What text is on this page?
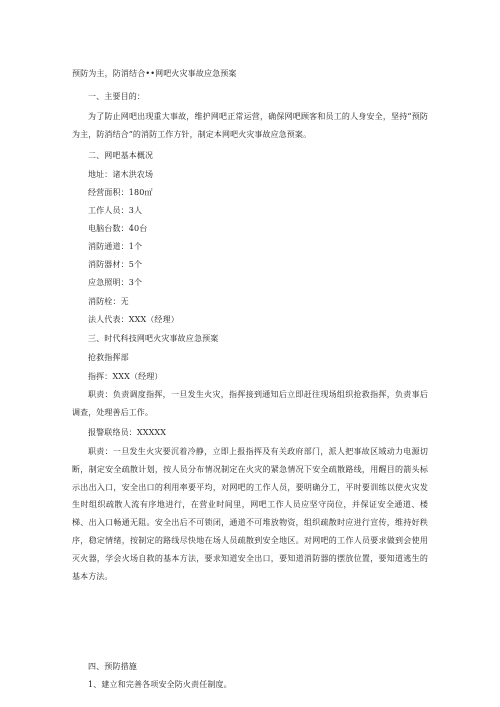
预防为主，防消结合••网吧火灾事故应急预案
一、主要目的：
为了防止网吧出现重大事故，维护网吧正常运营，确保网吧顾客和员工的人身安全，坚持“预防为主，防消结合”的消防工作方针，制定本网吧火灾事故应急预案。
二、网吧基本概况
地址：诸木洪农场
经营面积：180㎡
工作人员：3人
电脑台数：40台
消防通道：1个
消防器材：5个
应急照明：3个
消防栓：无
法人代表：XXX（经理）
三、时代科技网吧火灾事故应急预案
抢救指挥部
指挥：XXX（经理）
职责：负责调度指挥，一旦发生火灾，指挥接到通知后立即赶往现场组织抢救指挥，负责事后调查，处理善后工作。
报警联络员：XXXXX
职责：一旦发生火灾要沉着冷静，立即上报指挥及有关政府部门，派人把事故区域动力电源切断，制定安全疏散计划，按人员分布情况制定在火灾的紧急情况下安全疏散路线，用醒目的箭头标示出出入口，安全出口的利用率要平均，对网吧的工作人员，要明确分工，平时要训练以使火灾发生时组织疏散人流有序地进行，在营业时间里，网吧工作人员应坚守岗位，并保证安全通道、楼梯、出入口畅通无阻。安全出后不可锁闭，通道不可堆放物资，组织疏散时应进行宣传，维持好秩序，稳定情绪，按制定的路线尽快地在场人员疏散到安全地区。对网吧的工作人员要求做到会使用灭火器，学会火场自救的基本方法，要求知道安全出口，要知道消防器的摆放位置，要知道逃生的基本方法。
四、预防措施
1、建立和完善各项安全防火责任制度。
